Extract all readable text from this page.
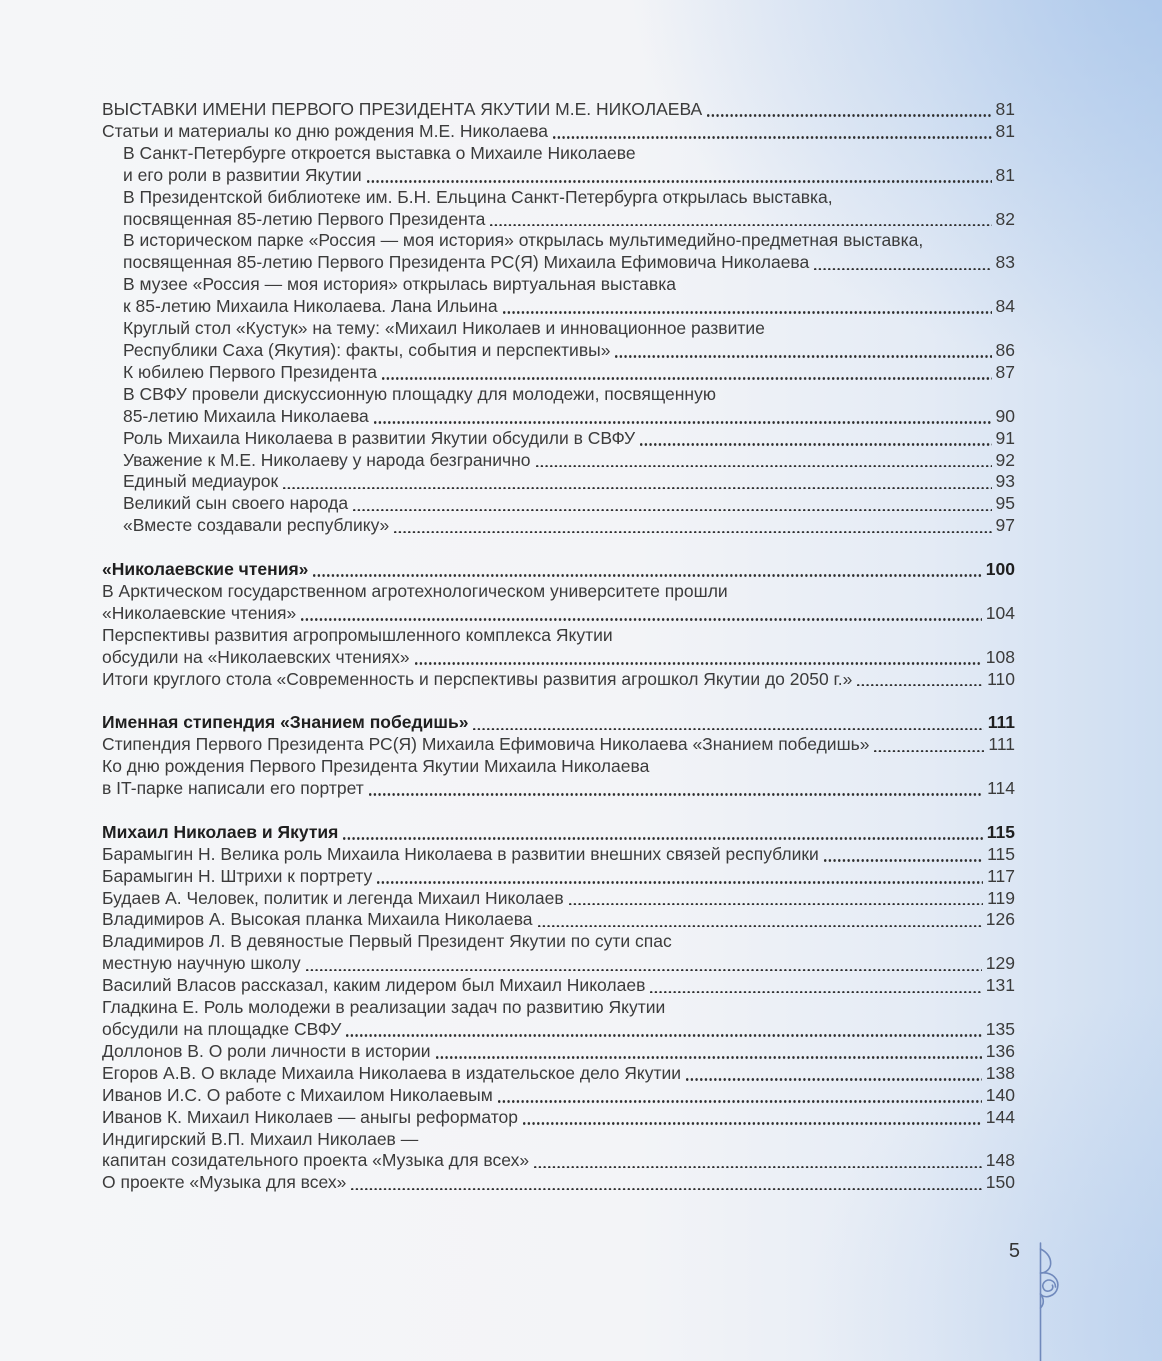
ВЫСТАВКИ ИМЕНИ ПЕРВОГО ПРЕЗИДЕНТА ЯКУТИИ М.Е. НИКОЛАЕВА	81
Статьи и материалы ко дню рождения М.Е. Николаева	81
В Санкт-Петербурге откроется выставка о Михаиле Николаеве
и его роли в развитии Якутии	81
В Президентской библиотеке им. Б.Н. Ельцина Санкт-Петербурга открылась выставка,
посвященная 85-летию Первого Президента	82
В историческом парке «Россия — моя история» открылась мультимедийно-предметная выставка,
посвященная 85-летию Первого Президента РС(Я) Михаила Ефимовича Николаева	83
В музее «Россия — моя история» открылась виртуальная выставка
к 85-летию Михаила Николаева. Лана Ильина	84
Круглый стол «Кустук» на тему: «Михаил Николаев и инновационное развитие
Республики Саха (Якутия): факты, события и перспективы»	86
К юбилею Первого Президента	87
В СВФУ провели дискуссионную площадку для молодежи, посвященную
85-летию Михаила Николаева	90
Роль Михаила Николаева в развитии Якутии обсудили в СВФУ	91
Уважение к М.Е. Николаеву у народа безгранично	92
Единый медиаурок	93
Великий сын своего народа	95
«Вместе создавали республику»	97
«Николаевские чтения»	100
В Арктическом государственном агротехнологическом университете прошли
«Николаевские чтения»	104
Перспективы развития агропромышленного комплекса Якутии
обсудили на «Николаевских чтениях»	108
Итоги круглого стола «Современность и перспективы развития агрошкол Якутии до 2050 г.»	110
Именная стипендия «Знанием победишь»	111
Стипендия Первого Президента РС(Я) Михаила Ефимовича Николаева «Знанием победишь»	111
Ко дню рождения Первого Президента Якутии Михаила Николаева
в IT-парке написали его портрет	114
Михаил Николаев и Якутия	115
Барамыгин Н. Велика роль Михаила Николаева в развитии внешних связей республики	115
Барамыгин Н. Штрихи к портрету	117
Будаев А. Человек, политик и легенда Михаил Николаев	119
Владимиров А. Высокая планка Михаила Николаева	126
Владимиров Л. В девяностые Первый Президент Якутии по сути спас
местную научную школу	129
Василий Власов рассказал, каким лидером был Михаил Николаев	131
Гладкина Е. Роль молодежи в реализации задач по развитию Якутии
обсудили на площадке СВФУ	135
Доллонов В. О роли личности в истории	136
Егоров А.В. О вкладе Михаила Николаева в издательское дело Якутии	138
Иванов И.С. О работе с Михаилом Николаевым	140
Иванов К. Михаил Николаев — аныгы реформатор	144
Индигирский В.П. Михаил Николаев —
капитан созидательного проекта «Музыка для всех»	148
О проекте «Музыка для всех»	150
5
